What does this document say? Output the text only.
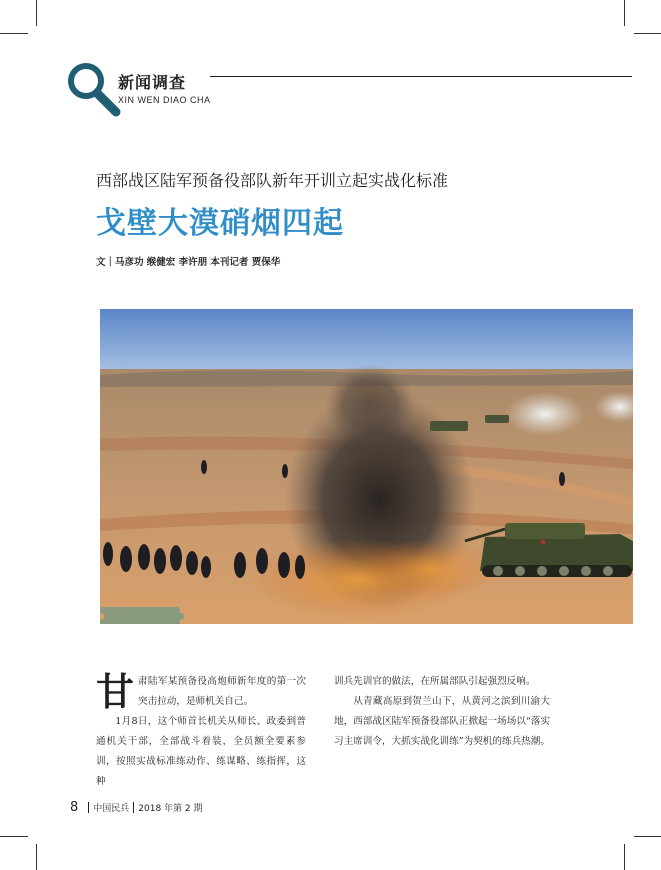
新闻调查
XIN WEN DIAO CHA
西部战区陆军预备役部队新年开训立起实战化标准
戈壁大漠硝烟四起
文｜马彦功 缑健宏 李许朋 本刊记者 贾保华
甘肃陆军某预备役高炮师新年度的第一次突击拉动，是师机关自己。
1月8日，这个师首长机关从师长、政委到普通机关干部，全部战斗着装，全员额全要素参训，按照实战标准练动作、练谋略、练指挥，这种
训兵先训官的做法，在所属部队引起强烈反响。
从青藏高原到贺兰山下，从黄河之滨到川渝大地，西部战区陆军预备役部队正掀起一场场以“落实习主席训令，大抓实战化训练”为契机的练兵热潮。
8 中国民兵 2018 年第 2 期
